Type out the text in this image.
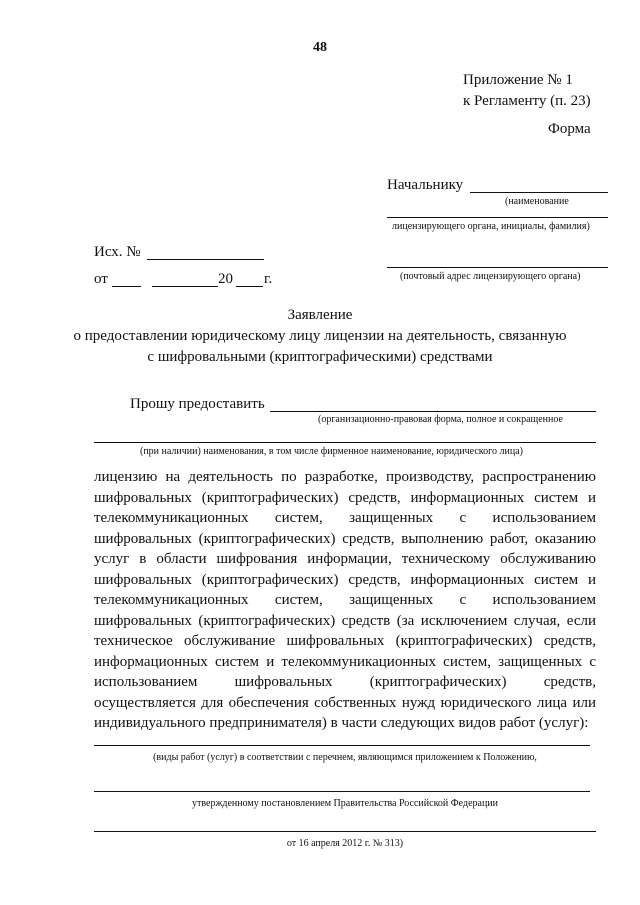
48
Приложение № 1
к Регламенту (п. 23)
Форма
Начальнику
(наименование
лицензирующего органа, инициалы, фамилия)
(почтовый адрес лицензирующего органа)
Исх. №
от	20 г.
Заявление
о предоставлении юридическому лицу лицензии на деятельность, связанную
с шифровальными (криптографическими) средствами
Прошу предоставить
(организационно-правовая форма, полное и сокращенное
(при наличии) наименования, в том числе фирменное наименование, юридического лица)
лицензию на деятельность по разработке, производству, распространению
шифровальных (криптографических) средств, информационных систем и
телекоммуникационных систем, защищенных с использованием
шифровальных (криптографических) средств, выполнению работ, оказанию
услуг в области шифрования информации, техническому обслуживанию
шифровальных (криптографических) средств, информационных систем и
телекоммуникационных систем, защищенных с использованием
шифровальных (криптографических) средств (за исключением случая, если
техническое обслуживание шифровальных (криптографических) средств,
информационных систем и телекоммуникационных систем, защищенных с
использованием шифровальных (криптографических) средств,
осуществляется для обеспечения собственных нужд юридического лица или
индивидуального предпринимателя) в части следующих видов работ (услуг):
(виды работ (услуг) в соответствии с перечнем, являющимся приложением к Положению,
утвержденному постановлением Правительства Российской Федерации
от 16 апреля 2012 г. № 313)
